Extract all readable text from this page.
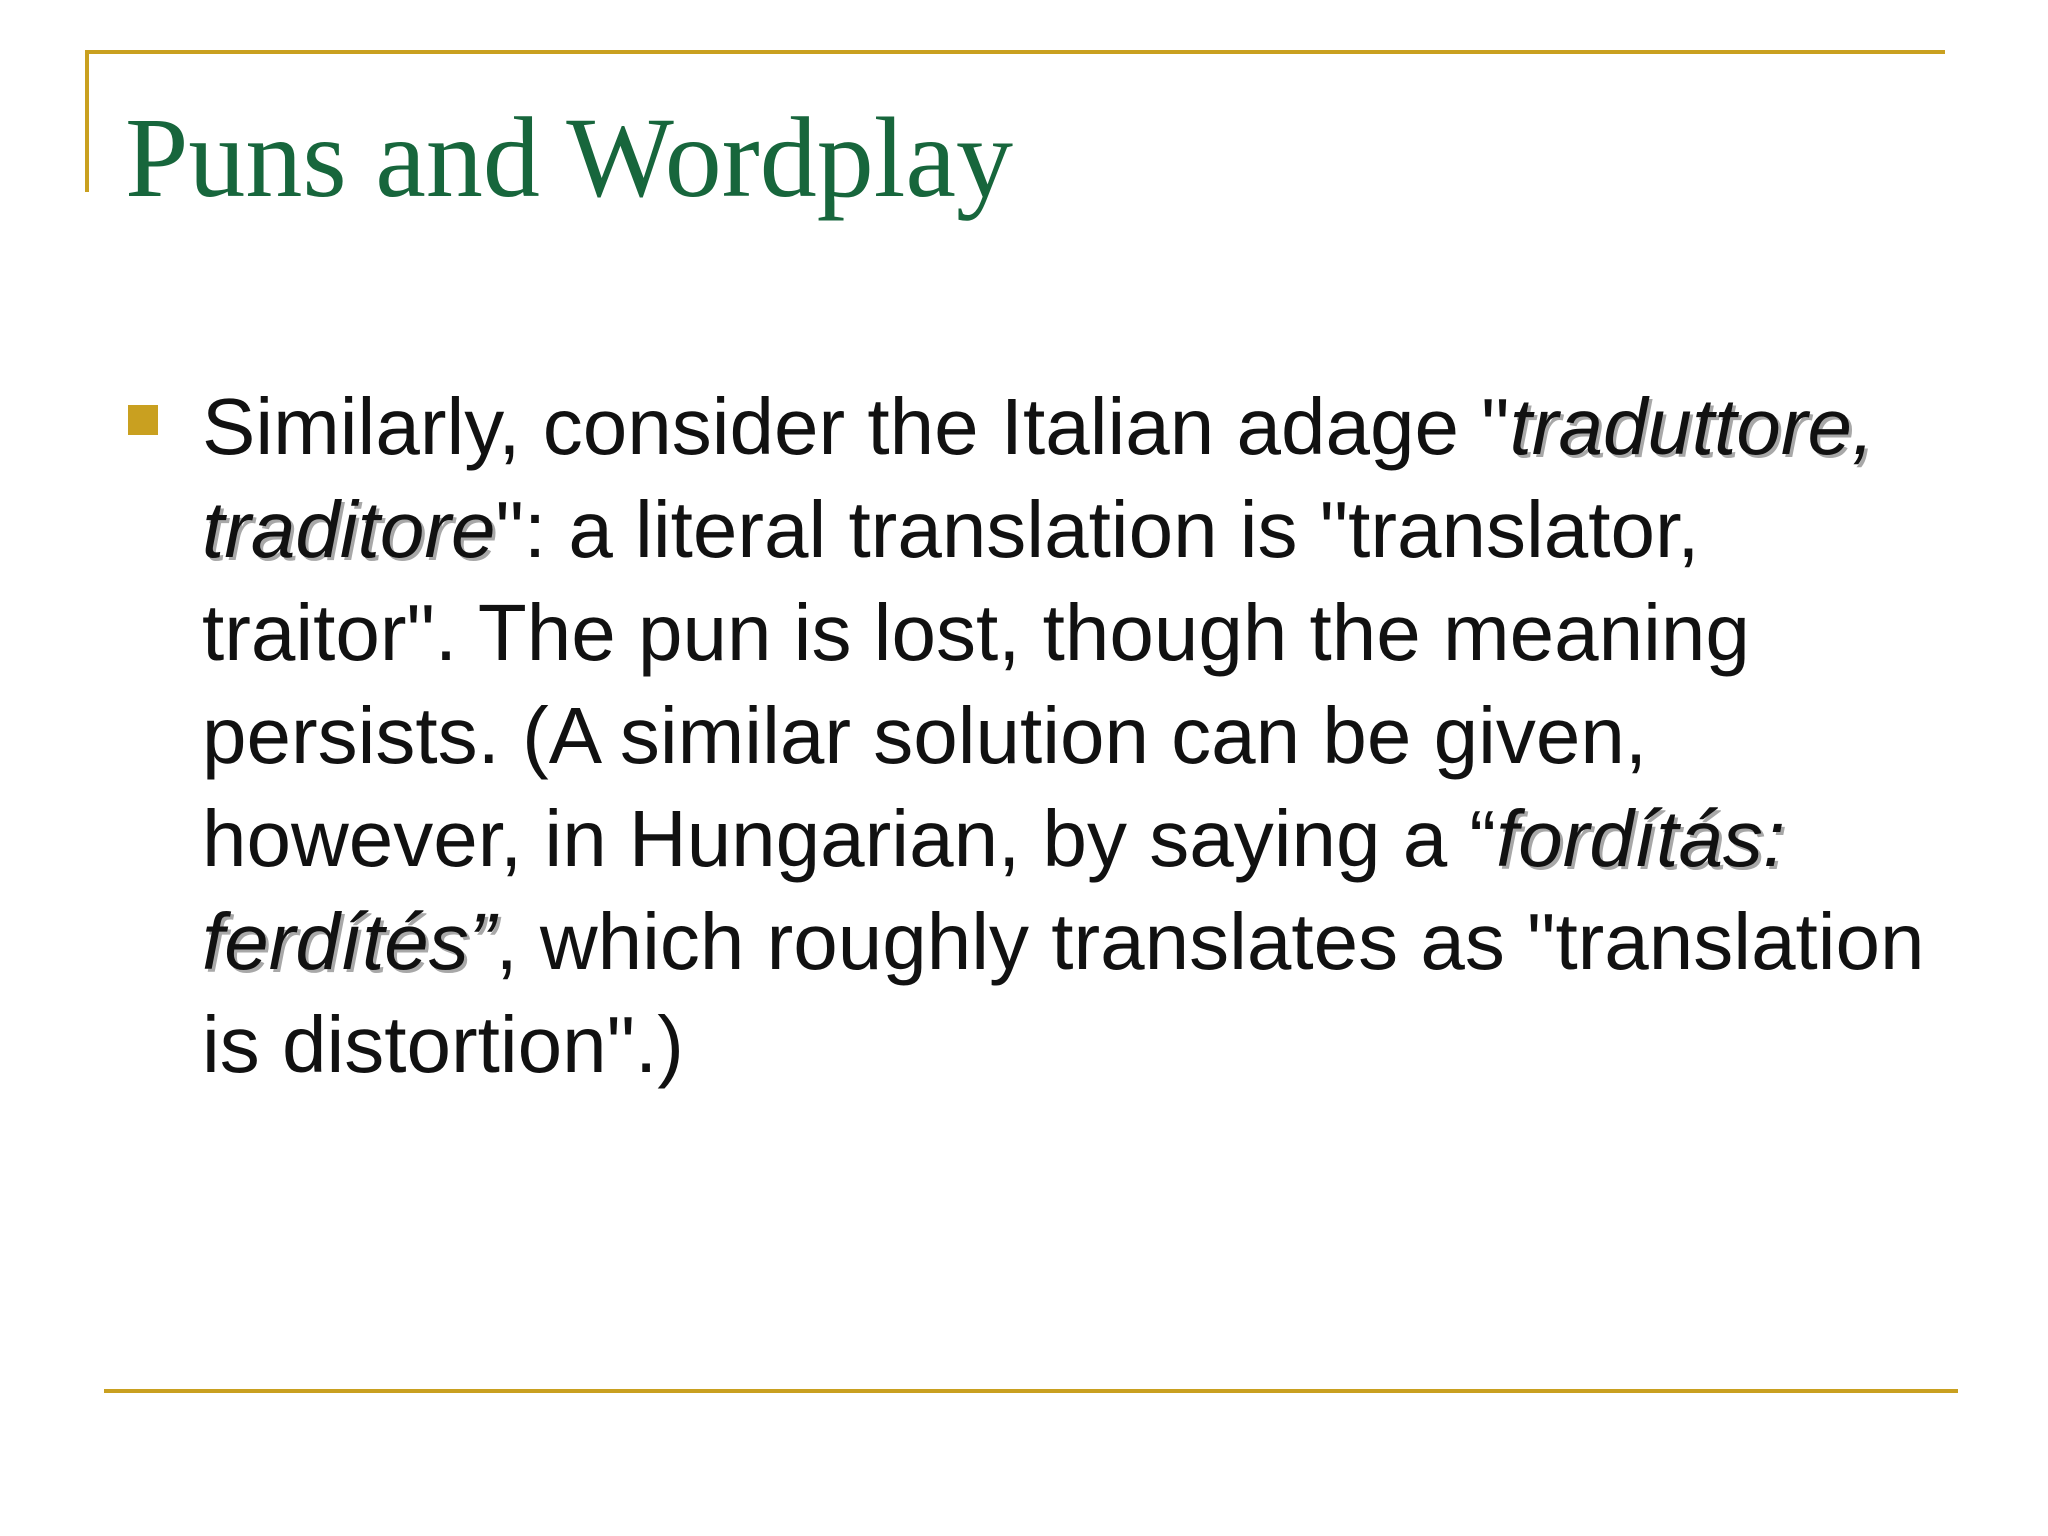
Puns and Wordplay

Similarly, consider the Italian adage "traduttore, traditore": a literal translation is "translator, traitor". The pun is lost, though the meaning persists. (A similar solution can be given, however, in Hungarian, by saying a “fordítás: ferdítés”, which roughly translates as "translation is distortion".)
